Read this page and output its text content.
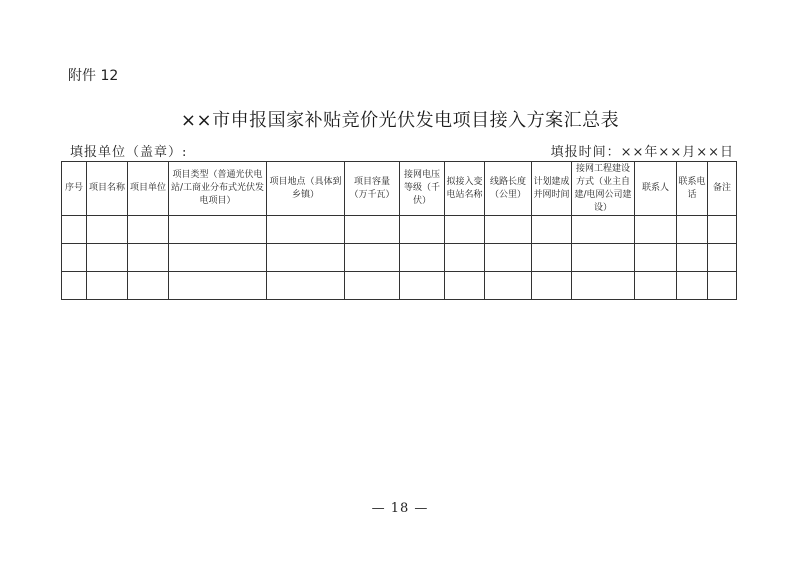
附件 12
××市申报国家补贴竞价光伏发电项目接入方案汇总表
填报单位（盖章）:	填报时间：××年××月××日
序号	项目名称	项目单位	项目类型（普通光伏电站/工商业分布式光伏发电项目）	项目地点（具体到乡镇）	项目容量（万千瓦）	接网电压等级（千伏）	拟接入变电站名称	线路长度（公里）	计划建成并网时间	接网工程建设方式（业主自建/电网公司建设）	联系人	联系电话	备注

— 18 —
